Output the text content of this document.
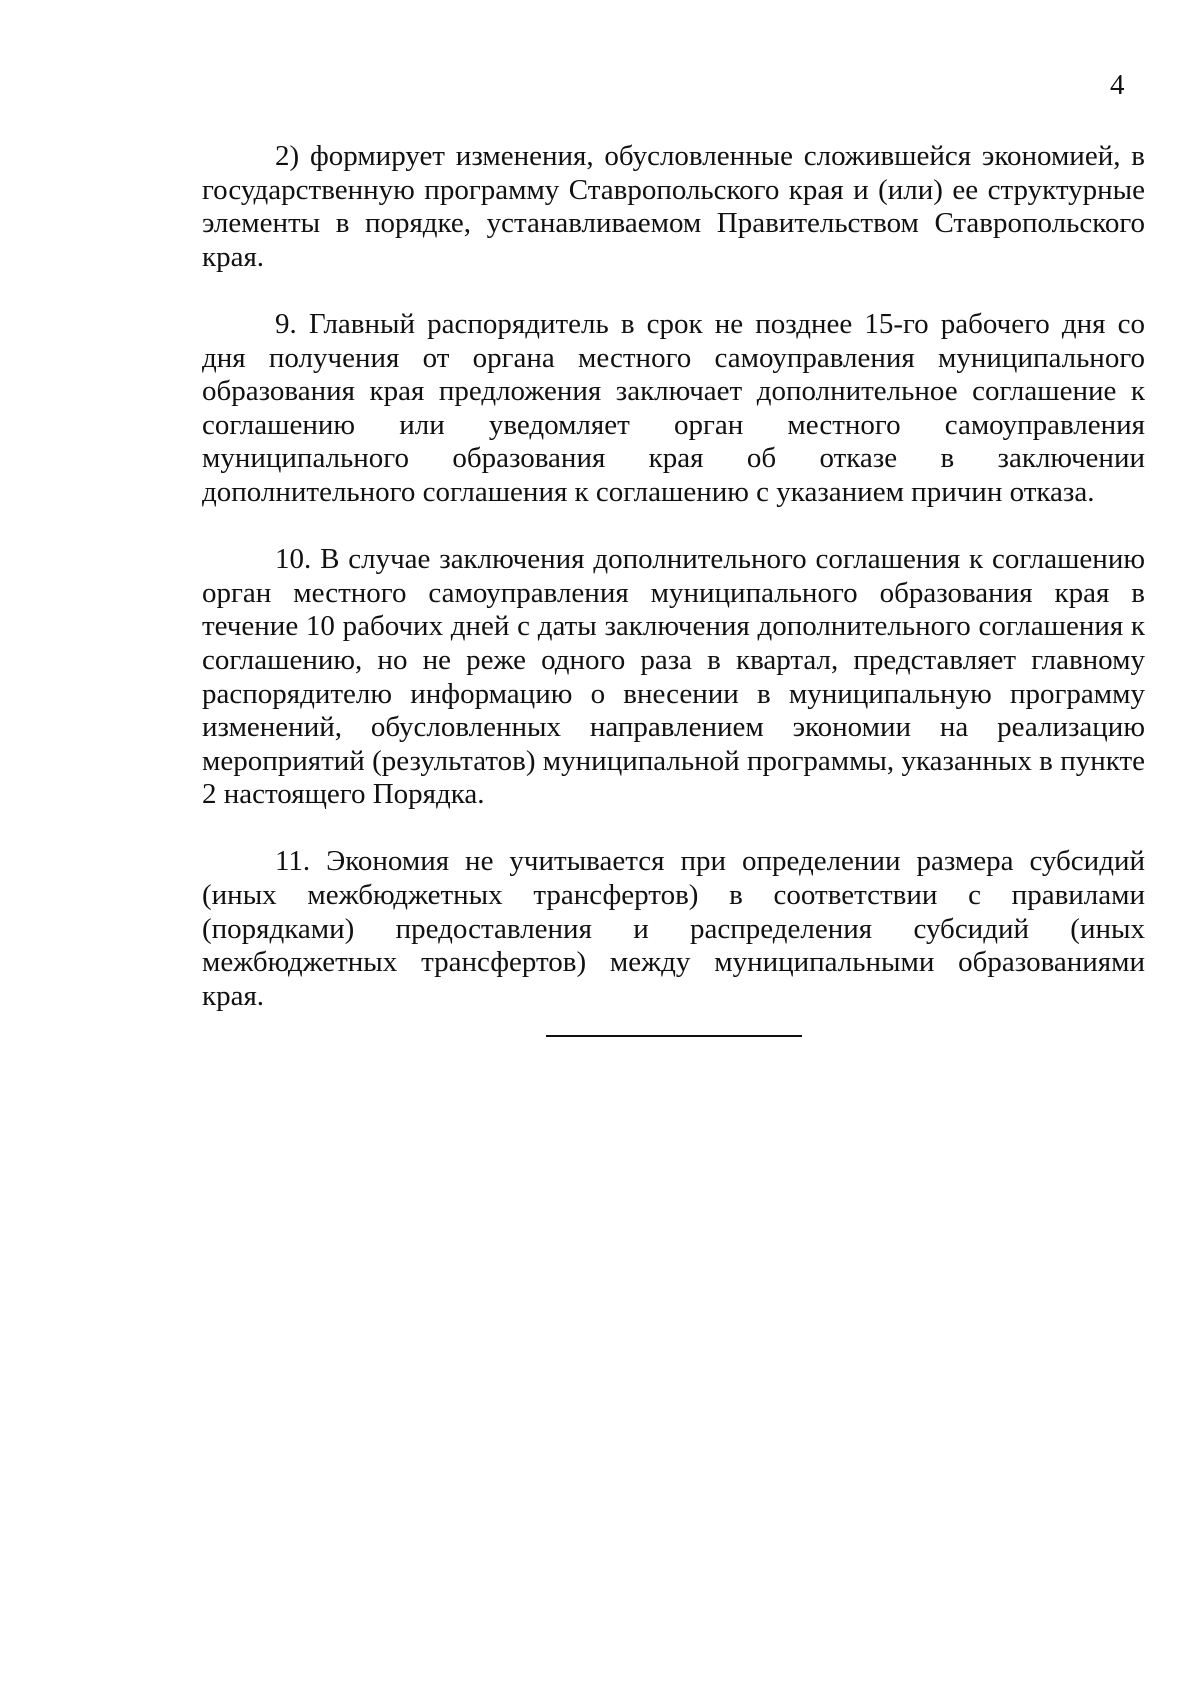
4

2) формирует изменения, обусловленные сложившейся экономией, в государственную программу Ставропольского края и (или) ее структурные элементы в порядке, устанавливаемом Правительством Ставропольского края.

9. Главный распорядитель в срок не позднее 15-го рабочего дня со дня получения от органа местного самоуправления муниципального образования края предложения заключает дополнительное соглашение к соглашению или уведомляет орган местного самоуправления муниципального образования края об отказе в заключении дополнительного соглашения к соглашению с указанием причин отказа.

10. В случае заключения дополнительного соглашения к соглашению орган местного самоуправления муниципального образования края в течение 10 рабочих дней с даты заключения дополнительного соглашения к соглашению, но не реже одного раза в квартал, представляет главному распорядителю информацию о внесении в муниципальную программу изменений, обусловленных направлением экономии на реализацию мероприятий (результатов) муниципальной программы, указанных в пункте 2 настоящего Порядка.

11. Экономия не учитывается при определении размера субсидий (иных межбюджетных трансфертов) в соответствии с правилами (порядками) предоставления и распределения субсидий (иных межбюджетных трансфертов) между муниципальными образованиями края.
